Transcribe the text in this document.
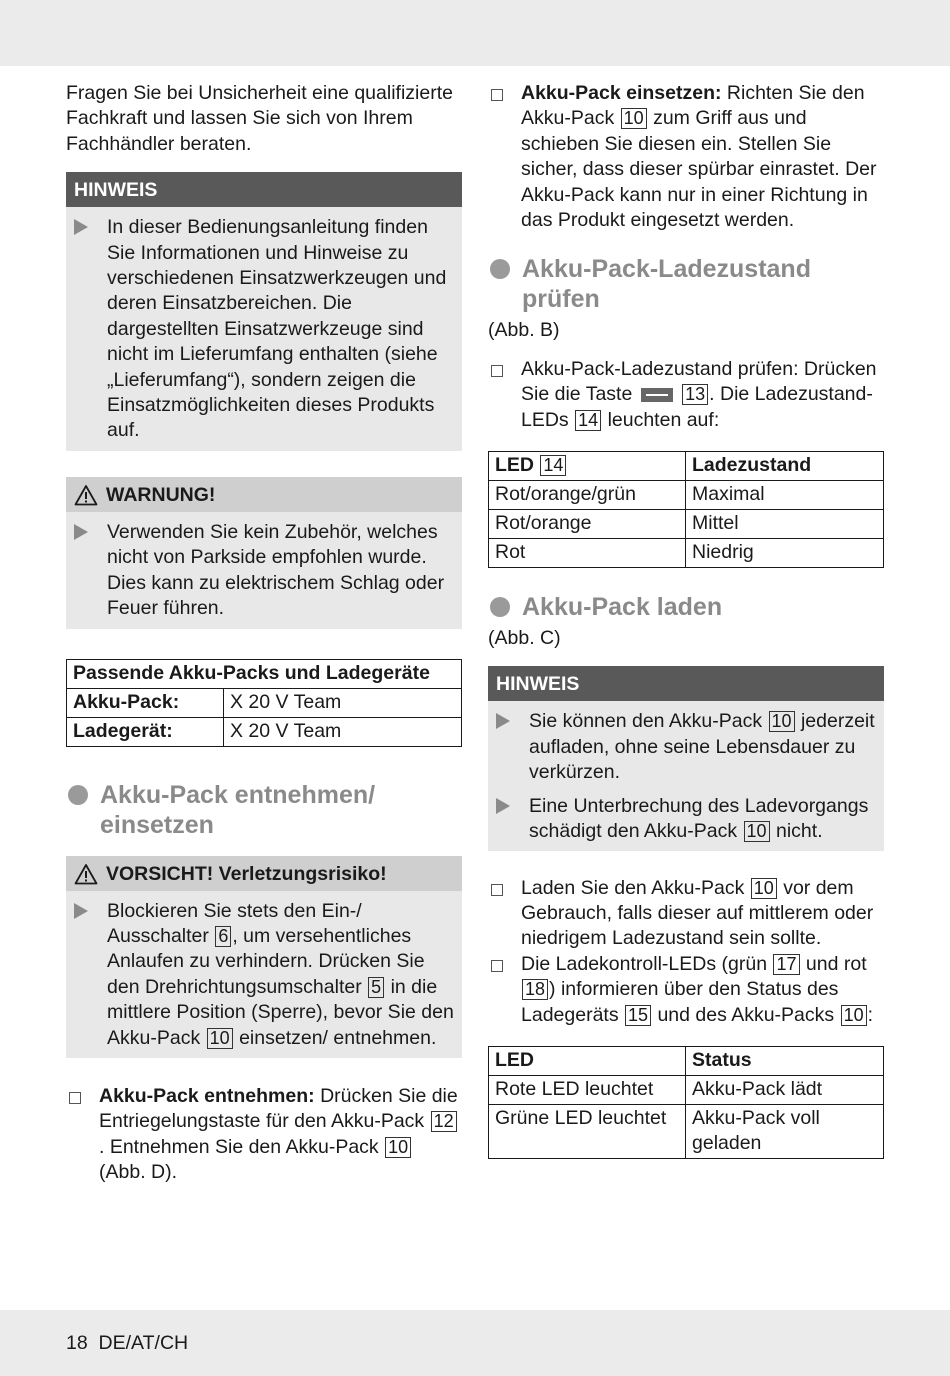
Fragen Sie bei Unsicherheit eine qualifizierte Fachkraft und lassen Sie sich von Ihrem Fachhändler beraten.

HINWEIS
In dieser Bedienungsanleitung finden Sie Informationen und Hinweise zu verschiedenen Einsatzwerkzeugen und deren Einsatzbereichen. Die dargestellten Einsatzwerkzeuge sind nicht im Lieferumfang enthalten (siehe „Lieferumfang“), sondern zeigen die Einsatzmöglichkeiten dieses Produkts auf.
WARNUNG!
Verwenden Sie kein Zubehör, welches nicht von Parkside empfohlen wurde. Dies kann zu elektrischem Schlag oder Feuer führen.
Passende Akku-Packs und Ladegeräte	
Akku-Pack:	X 20 V Team
Ladegerät:	X 20 V Team
Akku-Pack entnehmen/ einsetzen
VORSICHT! Verletzungsrisiko!
Blockieren Sie stets den Ein-/ Ausschalter 6 , um versehentliches Anlaufen zu verhindern. Drücken Sie den Drehrichtungsumschalter 5 in die mittlere Position (Sperre), bevor Sie den Akku-Pack 10 einsetzen/ entnehmen.
Akku-Pack entnehmen: Drücken Sie die Entriegelungstaste für den Akku-Pack 12. Entnehmen Sie den Akku-Pack 10 (Abb. D).
Akku-Pack einsetzen: Richten Sie den Akku-Pack 10 zum Griff aus und schieben Sie diesen ein. Stellen Sie sicher, dass dieser spürbar einrastet. Der Akku-Pack kann nur in einer Richtung in das Produkt eingesetzt werden.
Akku-Pack-Ladezustand prüfen

(Abb. B)

Akku-Pack-Ladezustand prüfen: Drücken Sie die Taste	13 . Die Ladezustand-LEDs 14 leuchten auf:
LED 14	Ladezustand
Rot/orange/grün	Maximal
Rot/orange	Mittel
Rot	Niedrig
Akku-Pack laden

(Abb. C)

HINWEIS
Sie können den Akku-Pack 10 jederzeit aufladen, ohne seine Lebensdauer zu verkürzen.
Eine Unterbrechung des Ladevorgangs schädigt den Akku-Pack 10 nicht.
Laden Sie den Akku-Pack 10 vor dem Gebrauch, falls dieser auf mittlerem oder niedrigem Ladezustand sein sollte.
Die Ladekontroll-LEDs (grün 17 und rot 18 ) informieren über den Status des Ladegeräts 15 und des Akku-Packs 10 :
LED	Status
Rote LED leuchtet	Akku-Pack lädt
Grüne LED leuchtet	Akku-Pack voll geladen
18 DE/AT/CH
